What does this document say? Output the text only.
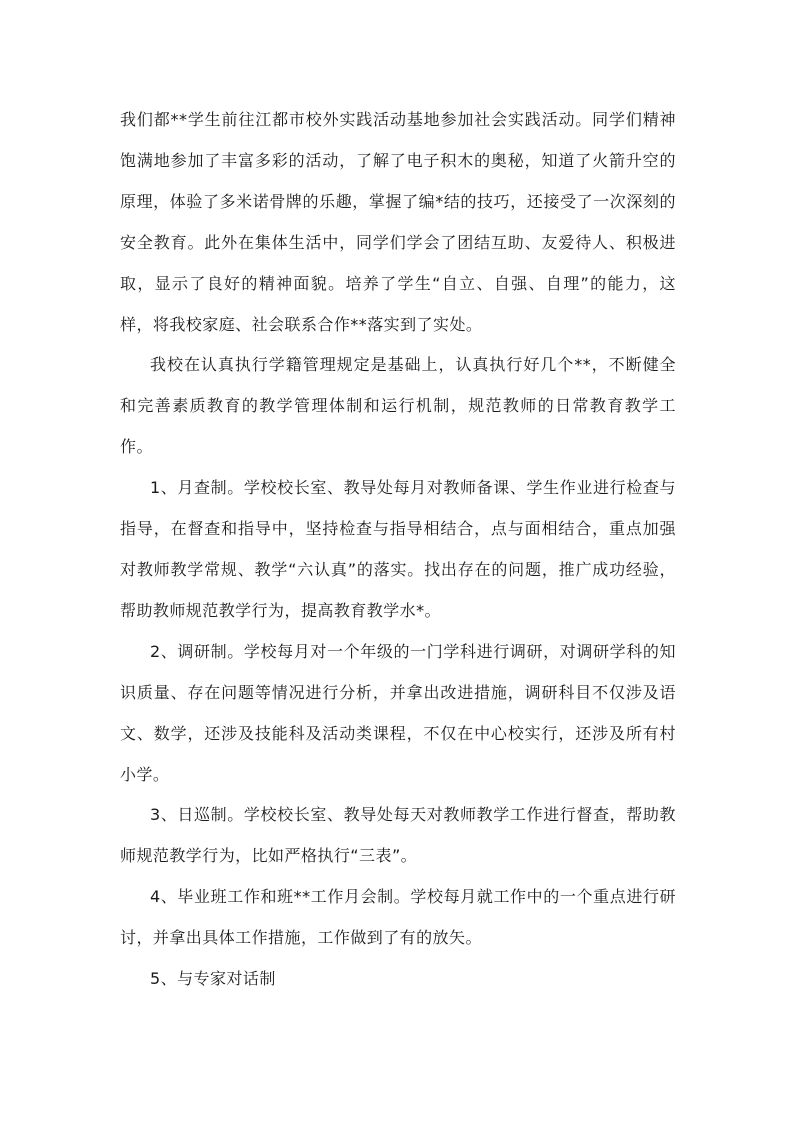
我们都**学生前往江都市校外实践活动基地参加社会实践活动。同学们精神饱满地参加了丰富多彩的活动，了解了电子积木的奥秘，知道了火箭升空的原理，体验了多米诺骨牌的乐趣，掌握了编*结的技巧，还接受了一次深刻的安全教育。此外在集体生活中，同学们学会了团结互助、友爱待人、积极进取，显示了良好的精神面貌。培养了学生“自立、自强、自理”的能力，这样，将我校家庭、社会联系合作**落实到了实处。

我校在认真执行学籍管理规定是基础上，认真执行好几个**，不断健全和完善素质教育的教学管理体制和运行机制，规范教师的日常教育教学工作。

1、月查制。学校校长室、教导处每月对教师备课、学生作业进行检查与指导，在督查和指导中，坚持检查与指导相结合，点与面相结合，重点加强对教师教学常规、教学“六认真”的落实。找出存在的问题，推广成功经验，帮助教师规范教学行为，提高教育教学水*。

2、调研制。学校每月对一个年级的一门学科进行调研，对调研学科的知识质量、存在问题等情况进行分析，并拿出改进措施，调研科目不仅涉及语文、数学，还涉及技能科及活动类课程，不仅在中心校实行，还涉及所有村小学。

3、日巡制。学校校长室、教导处每天对教师教学工作进行督查，帮助教师规范教学行为，比如严格执行“三表”。

4、毕业班工作和班**工作月会制。学校每月就工作中的一个重点进行研讨，并拿出具体工作措施，工作做到了有的放矢。

5、与专家对话制
